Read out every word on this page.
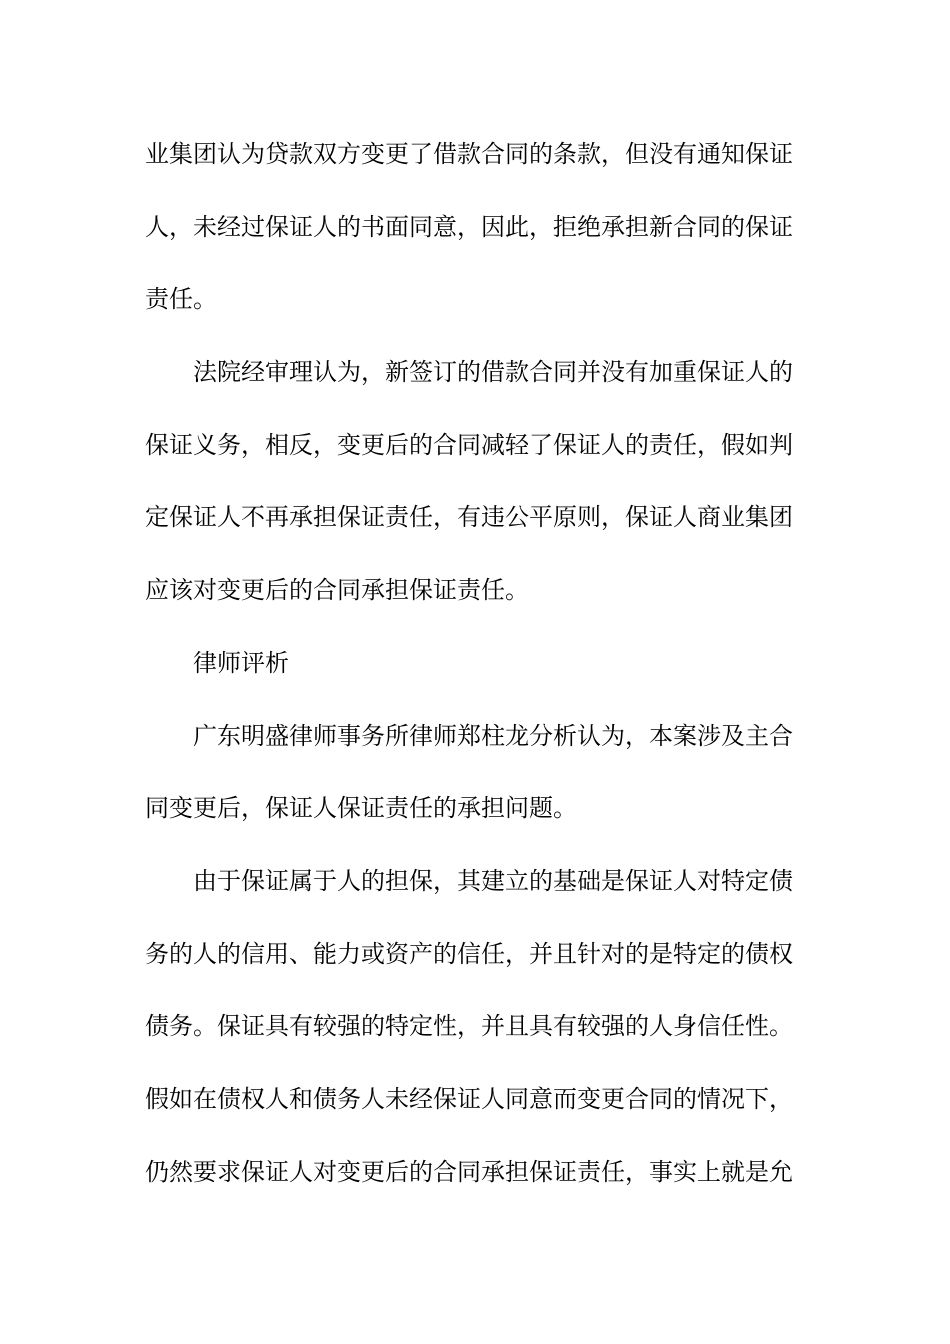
业集团认为贷款双方变更了借款合同的条款，但没有通知保证
人，未经过保证人的书面同意，因此，拒绝承担新合同的保证
责任。
法院经审理认为，新签订的借款合同并没有加重保证人的
保证义务，相反，变更后的合同减轻了保证人的责任，假如判
定保证人不再承担保证责任，有违公平原则，保证人商业集团
应该对变更后的合同承担保证责任。
律师评析
广东明盛律师事务所律师郑柱龙分析认为，本案涉及主合
同变更后，保证人保证责任的承担问题。
由于保证属于人的担保，其建立的基础是保证人对特定债
务的人的信用、能力或资产的信任，并且针对的是特定的债权
债务。保证具有较强的特定性，并且具有较强的人身信任性。
假如在债权人和债务人未经保证人同意而变更合同的情况下，
仍然要求保证人对变更后的合同承担保证责任，事实上就是允
